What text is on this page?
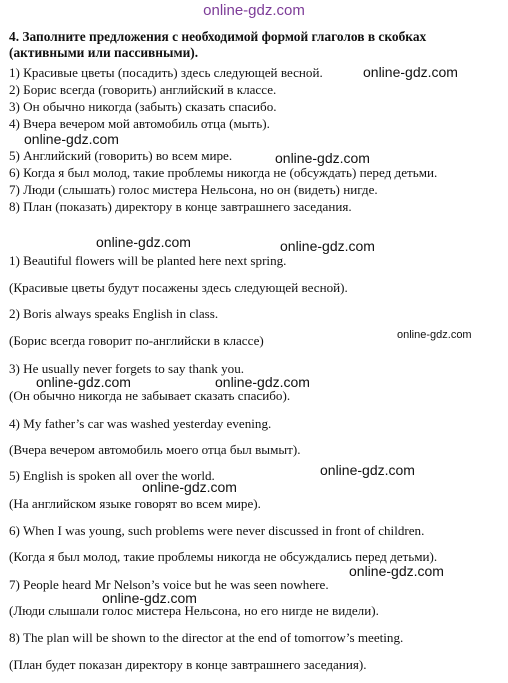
online-gdz.com
4. Заполните предложения с необходимой формой глаголов в скобках
(активными или пассивными).
1) Красивые цветы (посадить) здесь следующей весной.
2) Борис всегда (говорить) английский в классе.
3) Он обычно никогда (забыть) сказать спасибо.
4) Вчера вечером мой автомобиль отца (мыть).
5) Английский (говорить) во всем мире.
6) Когда я был молод, такие проблемы никогда не (обсуждать) перед детьми.
7) Люди (слышать) голос мистера Нельсона, но он (видеть) нигде.
8) План (показать) директору в конце завтрашнего заседания.
1) Beautiful flowers will be planted here next spring.
(Красивые цветы будут посажены здесь следующей весной).
2) Boris always speaks English in class.
(Борис всегда говорит по-английски в классе)
3) He usually never forgets to say thank you.
(Он обычно никогда не забывает сказать спасибо).
4) My father’s car was washed yesterday evening.
(Вчера вечером автомобиль моего отца был вымыт).
5) English is spoken all over the world.
(На английском языке говорят во всем мире).
6) When I was young, such problems were never discussed in front of children.
(Когда я был молод, такие проблемы никогда не обсуждались перед детьми).
7) People heard Mr Nelson’s voice but he was seen nowhere.
(Люди слышали голос мистера Нельсона, но его нигде не видели).
8) The plan will be shown to the director at the end of tomorrow’s meeting.
(План будет показан директору в конце завтрашнего заседания).
online-gdz.com
online-gdz.com
online-gdz.com
online-gdz.com	online-gdz.com
online-gdz.com
online-gdz.com	online-gdz.com
online-gdz.com
online-gdz.com
online-gdz.com
online-gdz.com
